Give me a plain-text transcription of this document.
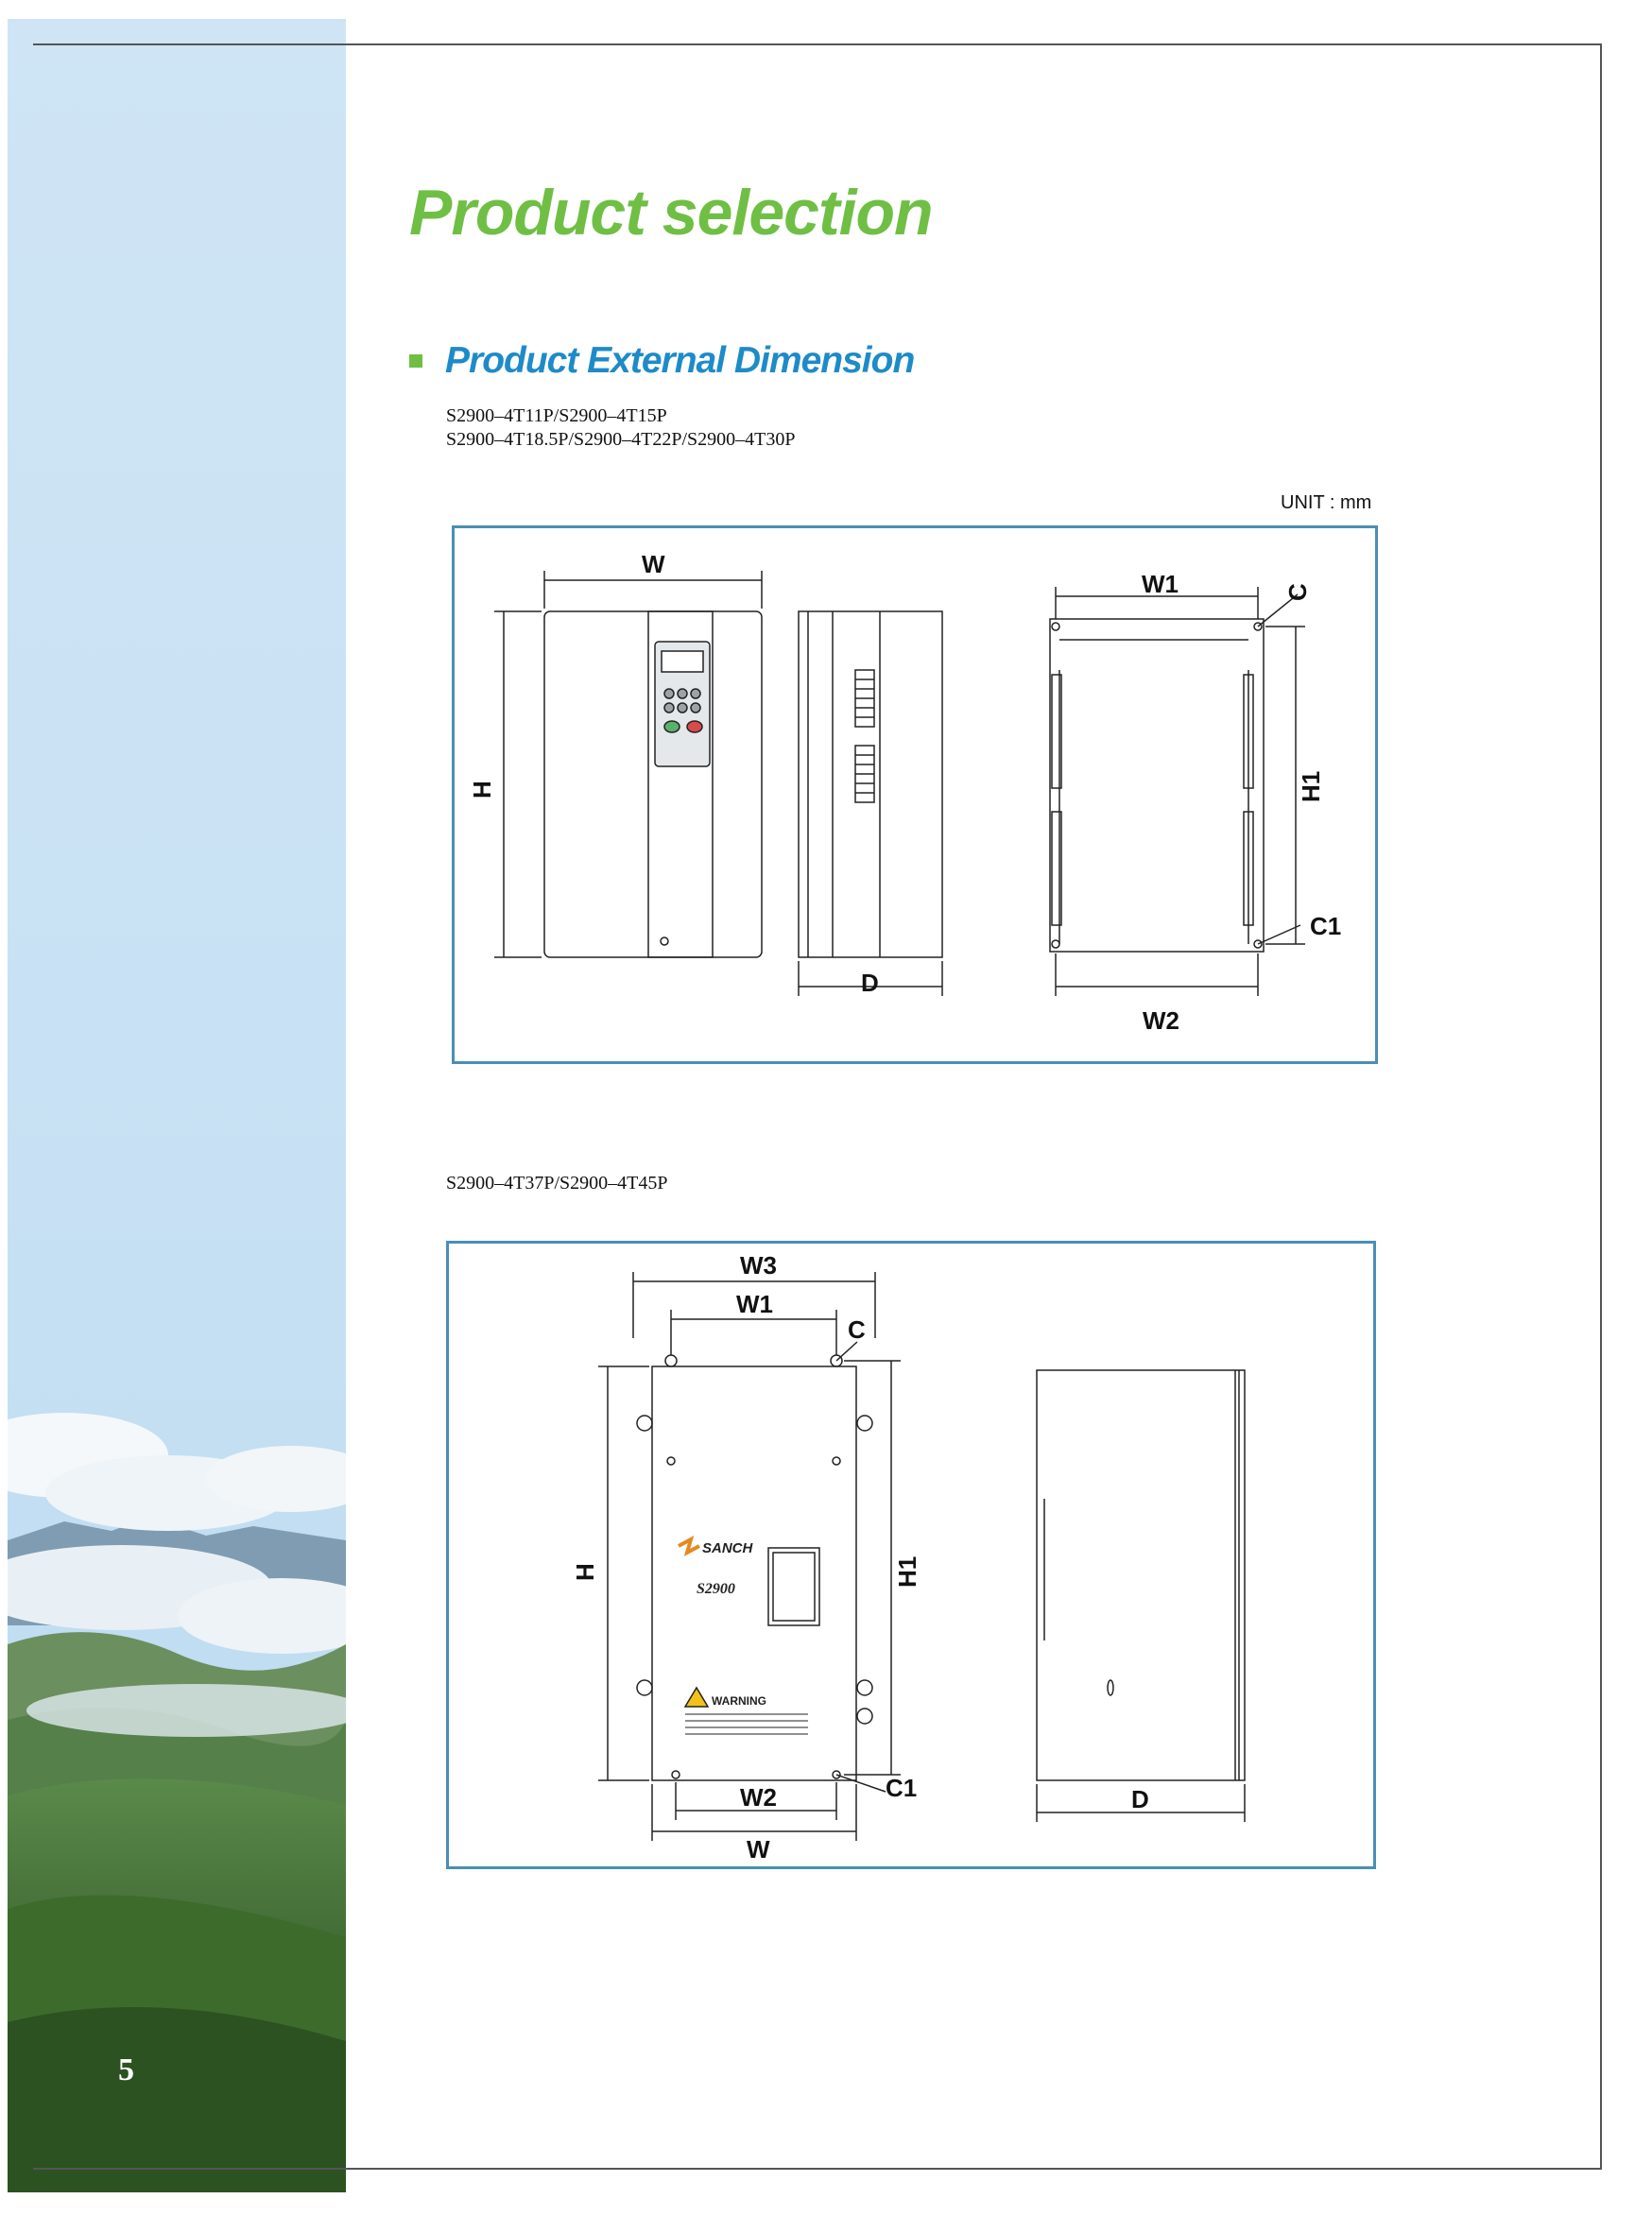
5
Product selection
Product External Dimension

S2900–4T11P/S2900–4T15P

S2900–4T18.5P/S2900–4T22P/S2900–4T30P

UNIT : mm
W
H
D
W1
W2
H1
C
C1

S2900–4T37P/S2900–4T45P

SANCH
S2900
WARNING
W3
W1
C
H	H1
C1
W2
W
D
